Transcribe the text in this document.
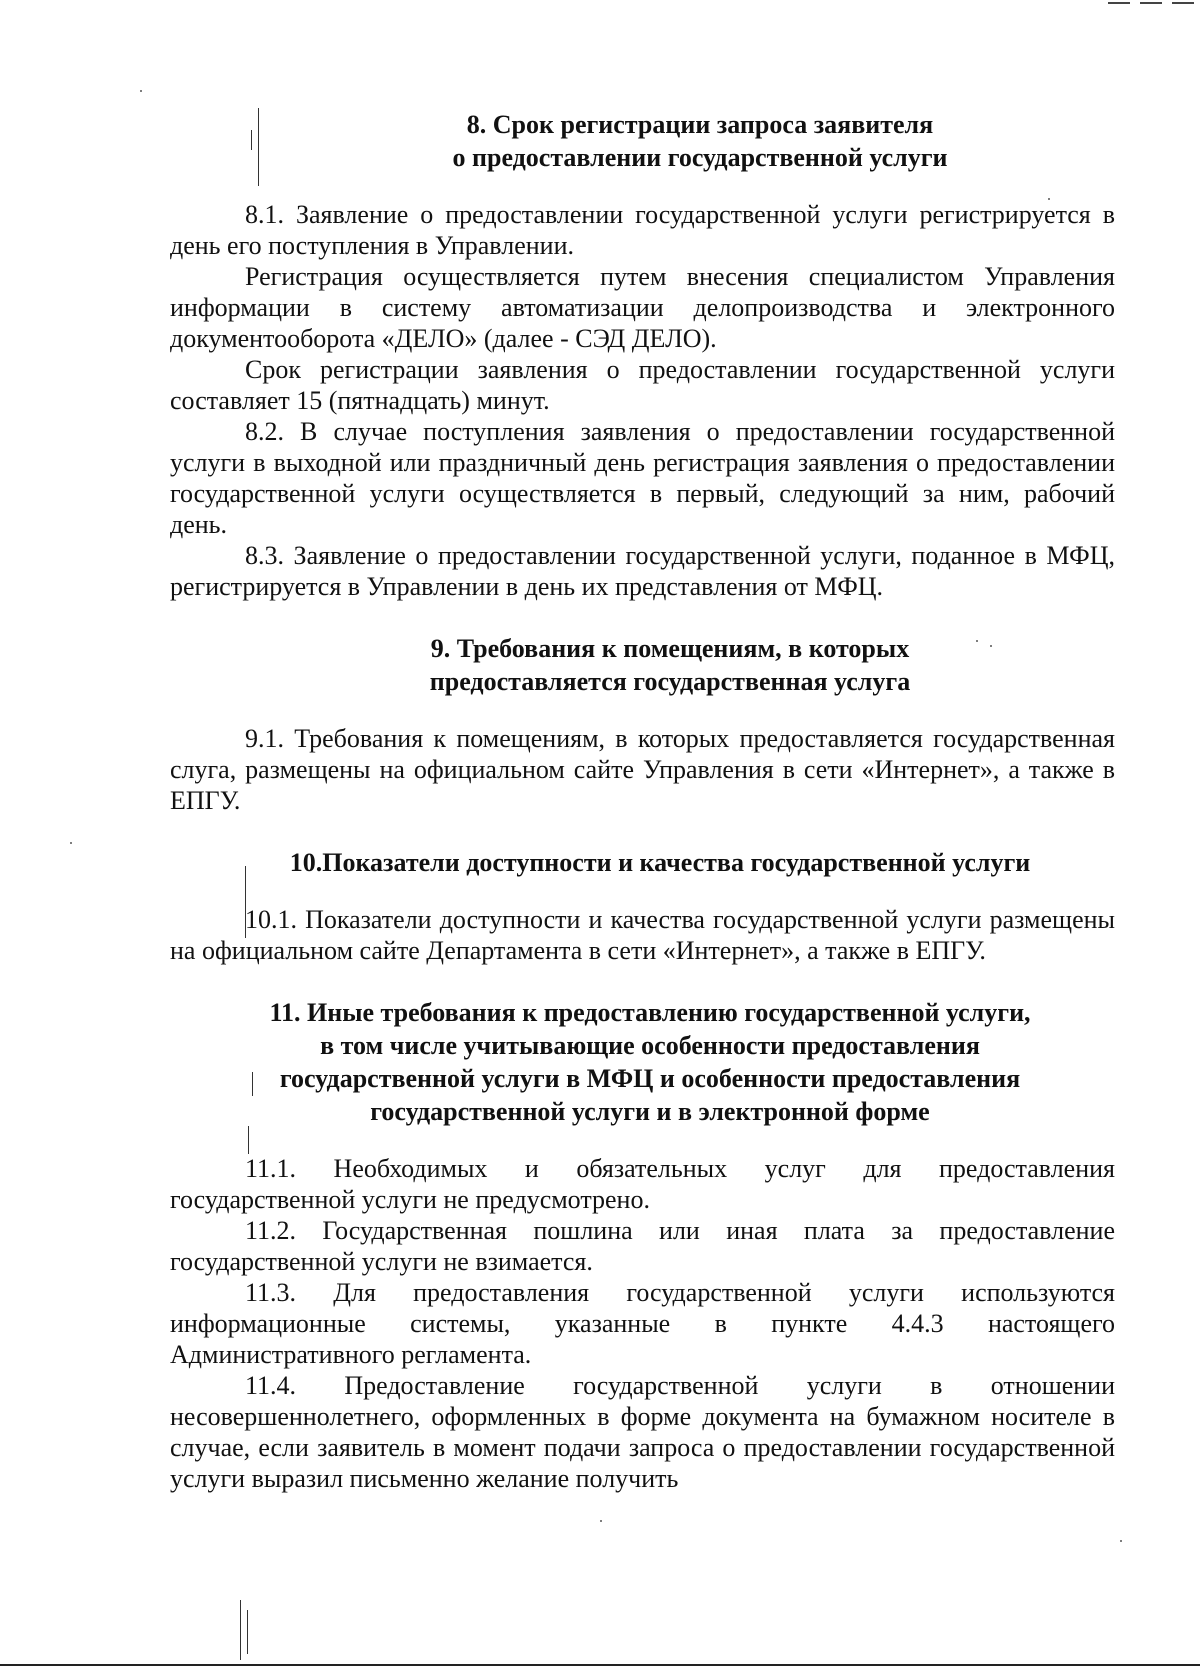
8. Срок регистрации запроса заявителя
о предоставлении государственной услуги

8.1. Заявление о предоставлении государственной услуги регистрируется в день его поступления в Управлении.

Регистрация осуществляется путем внесения специалистом Управления информации в систему автоматизации делопроизводства и электронного документооборота «ДЕЛО» (далее - СЭД ДЕЛО).

Срок регистрации заявления о предоставлении государственной услуги составляет 15 (пятнадцать) минут.

8.2. В случае поступления заявления о предоставлении государственной услуги в выходной или праздничный день регистрация заявления о предоставлении государственной услуги осуществляется в первый, следующий за ним, рабочий день.

8.3. Заявление о предоставлении государственной услуги, поданное в МФЦ, регистрируется в Управлении в день их представления от МФЦ.

9. Требования к помещениям, в которых
предоставляется государственная услуга

9.1. Требования к помещениям, в которых предоставляется государственная слуга, размещены на официальном сайте Управления в сети «Интернет», а также в ЕПГУ.

10.Показатели доступности и качества государственной услуги

10.1. Показатели доступности и качества государственной услуги размещены на официальном сайте Департамента в сети «Интернет», а также в ЕПГУ.

11. Иные требования к предоставлению государственной услуги,
в том числе учитывающие особенности предоставления
государственной услуги в МФЦ и особенности предоставления
государственной услуги и в электронной форме

11.1. Необходимых и обязательных услуг для предоставления государственной услуги не предусмотрено.

11.2. Государственная пошлина или иная плата за предоставление государственной услуги не взимается.

11.3. Для предоставления государственной услуги используются информационные системы, указанные в пункте 4.4.3 настоящего Административного регламента.

11.4. Предоставление государственной услуги в отношении несовершеннолетнего, оформленных в форме документа на бумажном носителе в случае, если заявитель в момент подачи запроса о предоставлении государственной услуги выразил письменно желание получить
